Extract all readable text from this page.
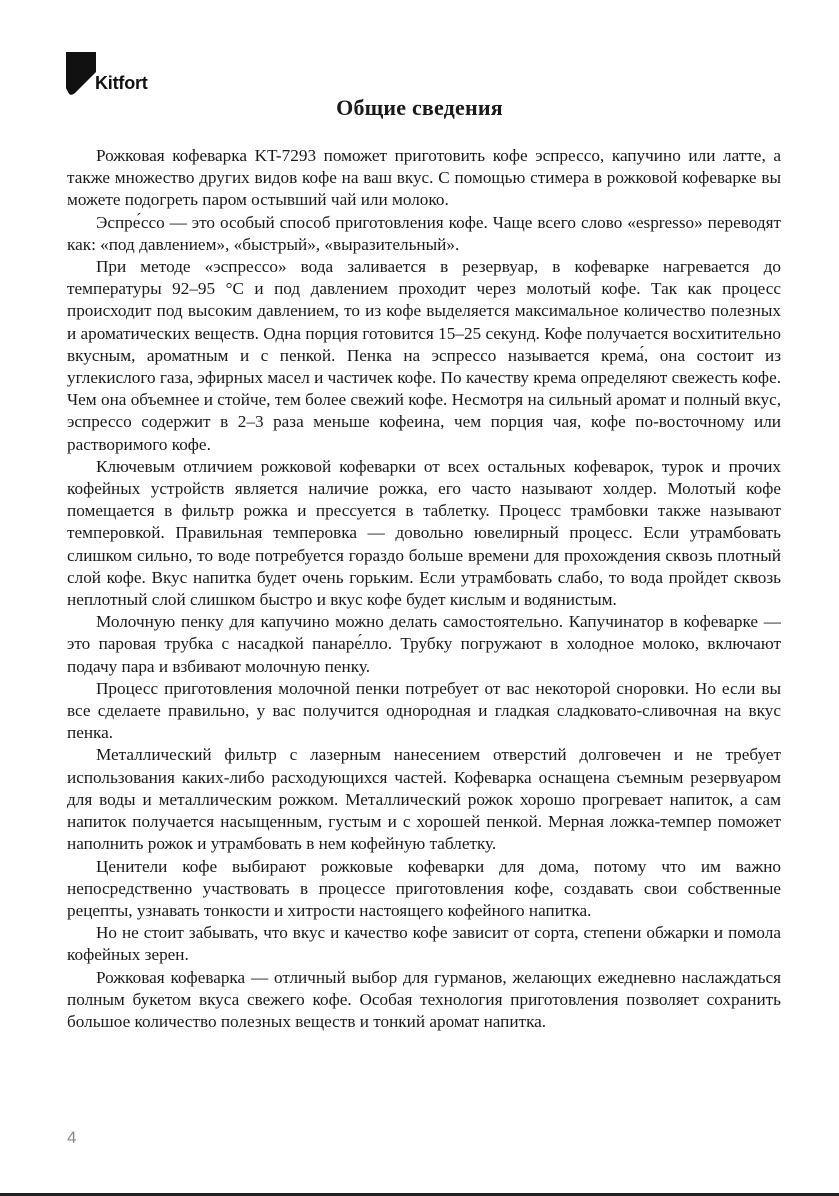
Kitfort
Общие сведения

Рожковая кофеварка KT-7293 поможет приготовить кофе эспрессо, капучино или латте, а также множество других видов кофе на ваш вкус. С помощью стимера в рожковой кофеварке вы можете подогреть паром остывший чай или молоко.

Эспре́ссо — это особый способ приготовления кофе. Чаще всего слово «espresso» переводят как: «под давлением», «быстрый», «выразительный».

При методе «эспрессо» вода заливается в резервуар, в кофеварке нагревается до температуры 92–95 °C и под давлением проходит через молотый кофе. Так как процесс происходит под высоким давлением, то из кофе выделяется максимальное количество полезных и ароматических веществ. Одна порция готовится 15–25 секунд. Кофе получается восхитительно вкусным, ароматным и с пенкой. Пенка на эспрессо называется крема́, она состоит из углекислого газа, эфирных масел и частичек кофе. По качеству крема определяют свежесть кофе. Чем она объемнее и стойче, тем более свежий кофе. Несмотря на сильный аромат и полный вкус, эспрессо содержит в 2–3 раза меньше кофеина, чем порция чая, кофе по-восточному или растворимого кофе.

Ключевым отличием рожковой кофеварки от всех остальных кофеварок, турок и прочих кофейных устройств является наличие рожка, его часто называют холдер. Молотый кофе помещается в фильтр рожка и прессуется в таблетку. Процесс трамбовки также называют темперовкой. Правильная темперовка — довольно ювелирный процесс. Если утрамбовать слишком сильно, то воде потребуется гораздо больше времени для прохождения сквозь плотный слой кофе. Вкус напитка будет очень горьким. Если утрамбовать слабо, то вода пройдет сквозь неплотный слой слишком быстро и вкус кофе будет кислым и водянистым.

Молочную пенку для капучино можно делать самостоятельно. Капучинатор в кофеварке — это паровая трубка с насадкой панаре́лло. Трубку погружают в холодное молоко, включают подачу пара и взбивают молочную пенку.

Процесс приготовления молочной пенки потребует от вас некоторой сноровки. Но если вы все сделаете правильно, у вас получится однородная и гладкая сладковато-сливочная на вкус пенка.

Металлический фильтр с лазерным нанесением отверстий долговечен и не требует использования каких-либо расходующихся частей. Кофеварка оснащена съемным резервуаром для воды и металлическим рожком. Металлический рожок хорошо прогревает напиток, а сам напиток получается насыщенным, густым и с хорошей пенкой. Мерная ложка-темпер поможет наполнить рожок и утрамбовать в нем кофейную таблетку.

Ценители кофе выбирают рожковые кофеварки для дома, потому что им важно непосредственно участвовать в процессе приготовления кофе, создавать свои собственные рецепты, узнавать тонкости и хитрости настоящего кофейного напитка.

Но не стоит забывать, что вкус и качество кофе зависит от сорта, степени обжарки и помола кофейных зерен.

Рожковая кофеварка — отличный выбор для гурманов, желающих ежедневно наслаждаться полным букетом вкуса свежего кофе. Особая технология приготовления позволяет сохранить большое количество полезных веществ и тонкий аромат напитка.

4
